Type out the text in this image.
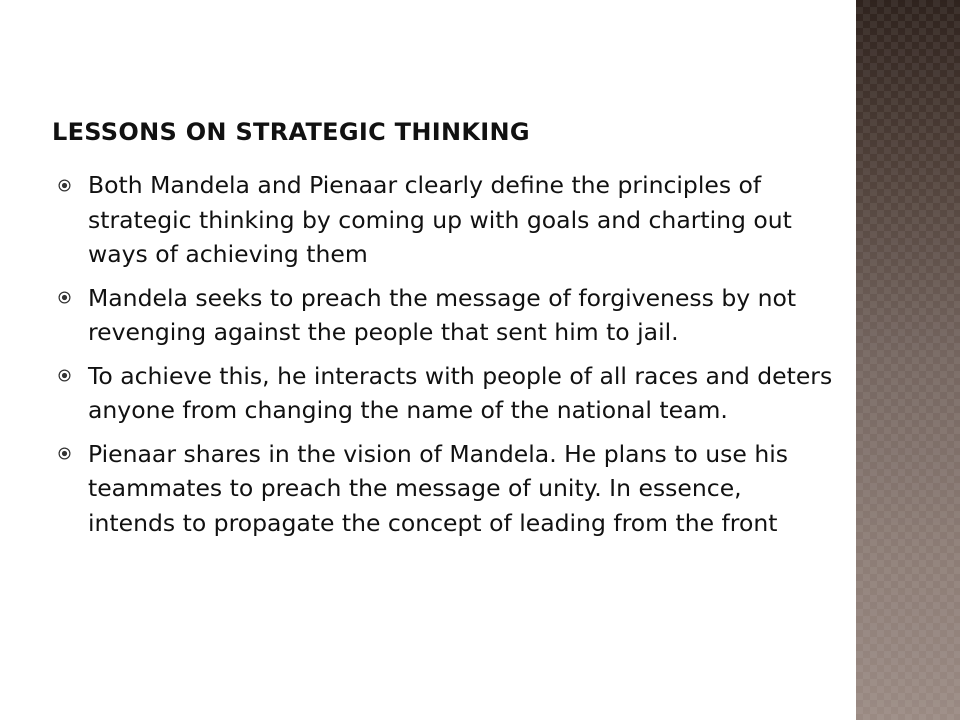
LESSONS ON STRATEGIC THINKING
Both Mandela and Pienaar clearly define the principles of strategic thinking by coming up with goals and charting out ways of achieving them
Mandela seeks to preach the message of forgiveness by not revenging against the people that sent him to jail.
To achieve this, he interacts with people of all races and deters anyone from changing the name of the national team.
Pienaar shares in the vision of Mandela. He plans to use his teammates to preach the message of unity. In essence, intends to propagate the concept of leading from the front
